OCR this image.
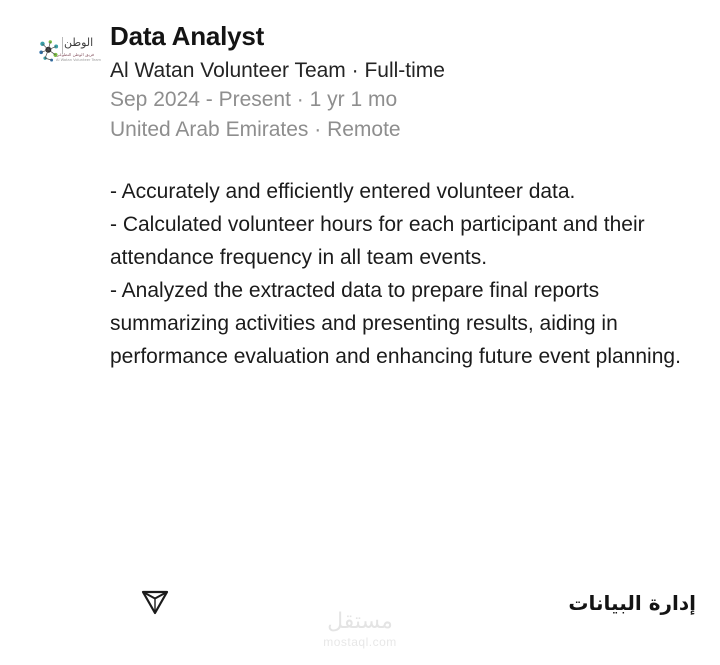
الوطن
فريق الوطن التطوعي
Al Watan Volunteer Team
Data Analyst

Al Watan Volunteer Team · Full-time

Sep 2024 - Present · 1 yr 1 mo

United Arab Emirates · Remote

- Accurately and efficiently entered volunteer data.

- Calculated volunteer hours for each participant and their attendance frequency in all team events.

- Analyzed the extracted data to prepare final reports summarizing activities and presenting results, aiding in performance evaluation and enhancing future event planning.

إدارة البيانات
مستقل
mostaql.com
